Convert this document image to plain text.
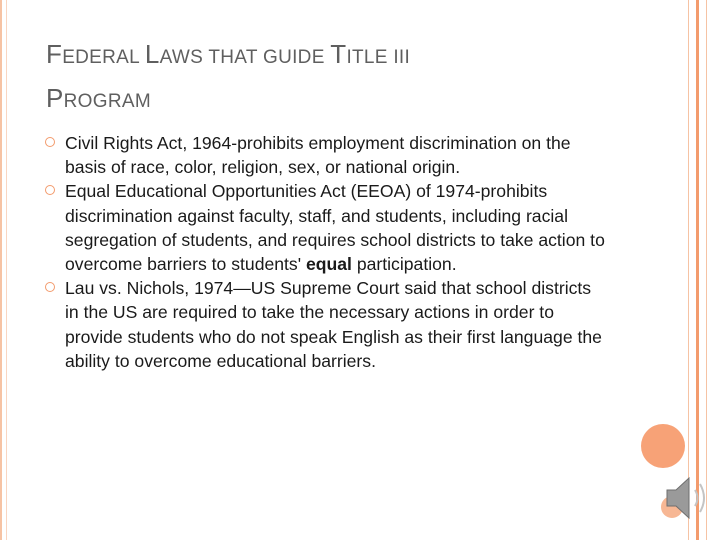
FEDERAL LAWS THAT GUIDE TITLE III
PROGRAM
Civil Rights Act, 1964-prohibits employment discrimination on the basis of race, color, religion, sex, or national origin.
Equal Educational Opportunities Act (EEOA) of 1974-prohibits discrimination against faculty, staff, and students, including racial segregation of students, and requires school districts to take action to overcome barriers to students' equal participation.
Lau vs. Nichols, 1974—US Supreme Court said that school districts in the US are required to take the necessary actions in order to provide students who do not speak English as their first language the ability to overcome educational barriers.
